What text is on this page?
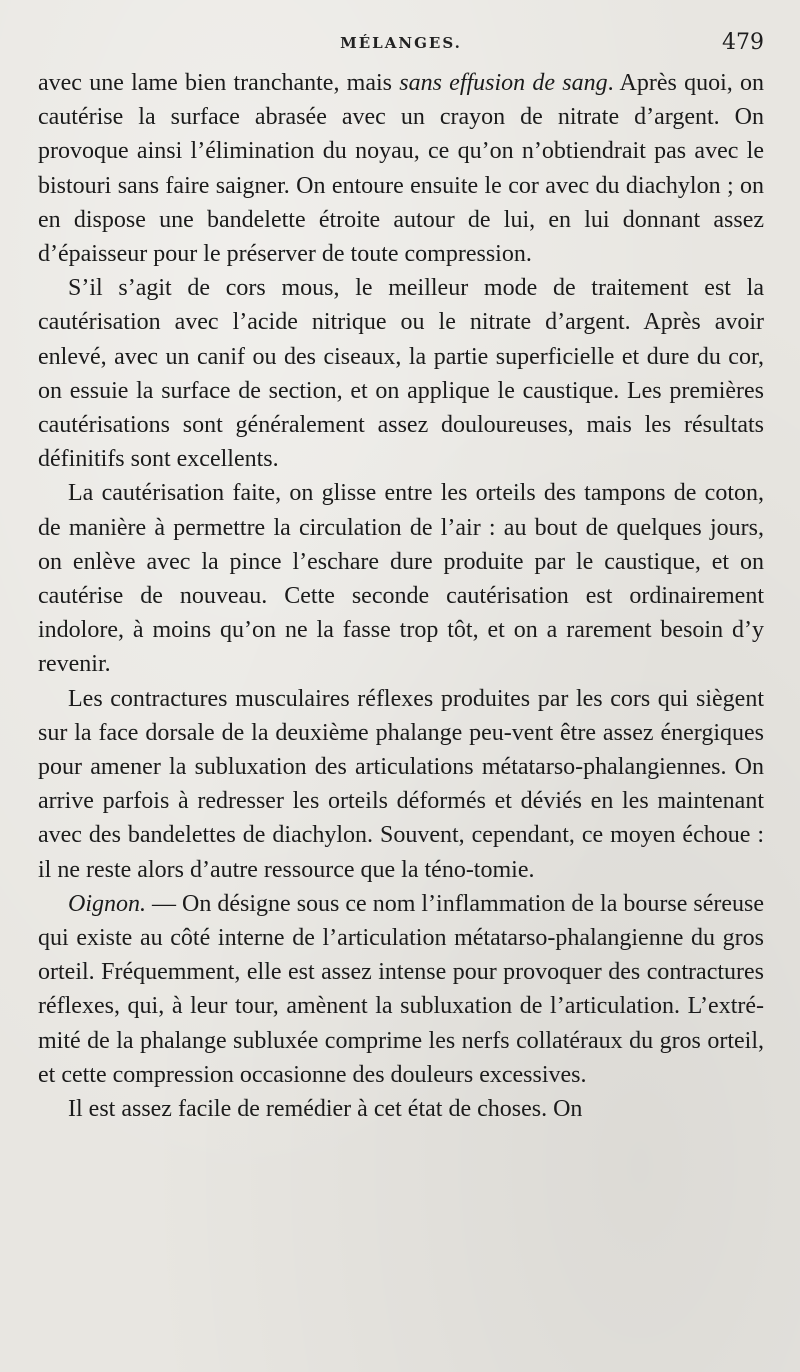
MÉLANGES.	479

avec une lame bien tranchante, mais sans effusion de sang. Après quoi, on cautérise la surface abrasée avec un crayon de nitrate d’argent. On provoque ainsi l’élimination du noyau, ce qu’on n’obtiendrait pas avec le bistouri sans faire saigner. On entoure ensuite le cor avec du diachylon ; on en dispose une bandelette étroite autour de lui, en lui donnant assez d’épaisseur pour le préserver de toute compression.

S’il s’agit de cors mous, le meilleur mode de traitement est la cautérisation avec l’acide nitrique ou le nitrate d’argent. Après avoir enlevé, avec un canif ou des ciseaux, la partie superficielle et dure du cor, on essuie la surface de section, et on applique le caustique. Les premières cautérisations sont généralement assez douloureuses, mais les résultats définitifs sont excellents.

La cautérisation faite, on glisse entre les orteils des tampons de coton, de manière à permettre la circulation de l’air : au bout de quelques jours, on enlève avec la pince l’eschare dure produite par le caustique, et on cautérise de nouveau. Cette seconde cautérisation est ordinairement indolore, à moins qu’on ne la fasse trop tôt, et on a rarement besoin d’y revenir.

Les contractures musculaires réflexes produites par les cors qui siègent sur la face dorsale de la deuxième phalange peu-vent être assez énergiques pour amener la subluxation des articulations métatarso-phalangiennes. On arrive parfois à redresser les orteils déformés et déviés en les maintenant avec des bandelettes de diachylon. Souvent, cependant, ce moyen échoue : il ne reste alors d’autre ressource que la téno-tomie.

Oignon. — On désigne sous ce nom l’inflammation de la bourse séreuse qui existe au côté interne de l’articulation métatarso-phalangienne du gros orteil. Fréquemment, elle est assez intense pour provoquer des contractures réflexes, qui, à leur tour, amènent la subluxation de l’articulation. L’extré-mité de la phalange subluxée comprime les nerfs collatéraux du gros orteil, et cette compression occasionne des douleurs excessives.

Il est assez facile de remédier à cet état de choses. On
